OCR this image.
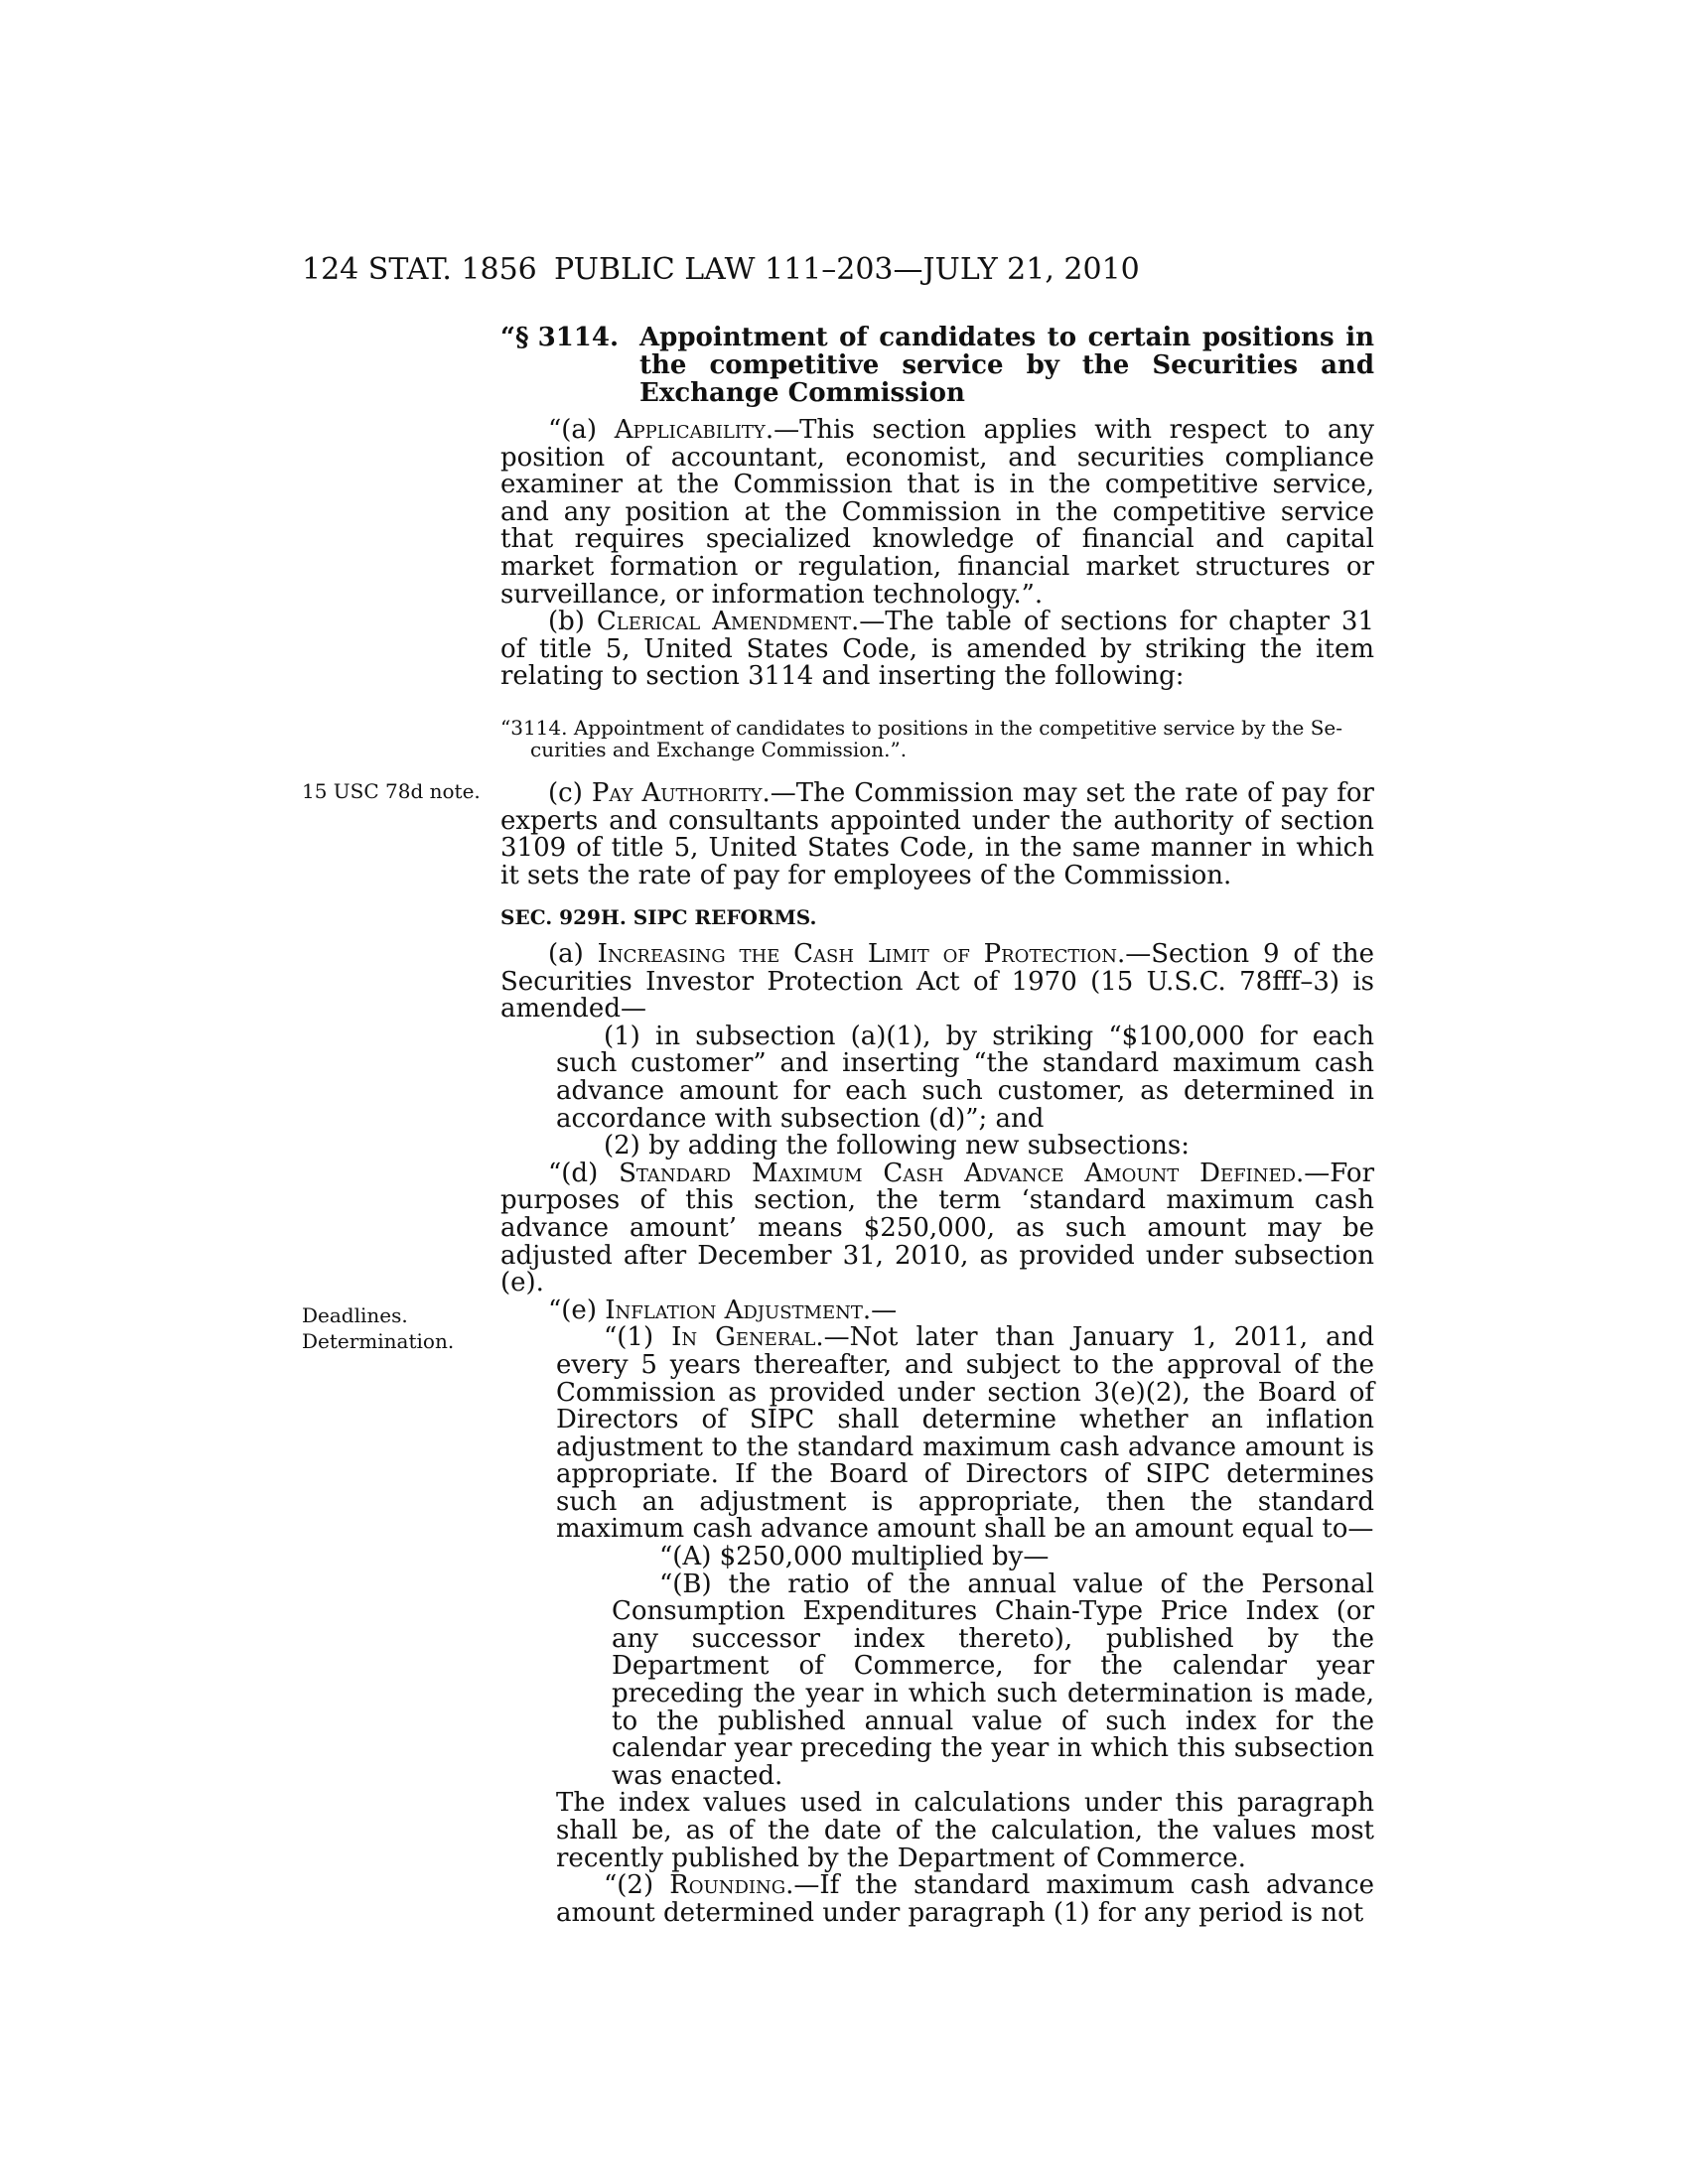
124 STAT. 1856 PUBLIC LAW 111–203—JULY 21, 2010
“§ 3114. Appointment of candidates to certain positions in the competitive service by the Securities and Exchange Commission

“(a) Applicability.—This section applies with respect to any position of accountant, economist, and securities compliance examiner at the Commission that is in the competitive service, and any position at the Commission in the competitive service that requires specialized knowledge of financial and capital market formation or regulation, financial market structures or surveillance, or information technology.”.

(b) Clerical Amendment.—The table of sections for chapter 31 of title 5, United States Code, is amended by striking the item relating to section 3114 and inserting the following:

“3114. Appointment of candidates to positions in the competitive service by the Se-
curities and Exchange Commission.”.
15 USC 78d note.	(c) Pay Authority.—The Commission may set the rate of pay for experts and consultants appointed under the authority of section 3109 of title 5, United States Code, in the same manner in which it sets the rate of pay for employees of the Commission.

SEC. 929H. SIPC REFORMS.
Deadlines.
Determination.

(a) Increasing the Cash Limit of Protection.—Section 9 of the Securities Investor Protection Act of 1970 (15 U.S.C. 78fff–3) is amended—

(1) in subsection (a)(1), by striking “$100,000 for each such customer” and inserting “the standard maximum cash advance amount for each such customer, as determined in accordance with subsection (d)”; and

(2) by adding the following new subsections:

“(d) Standard Maximum Cash Advance Amount Defined.—For purposes of this section, the term ‘standard maximum cash advance amount’ means $250,000, as such amount may be adjusted after December 31, 2010, as provided under subsection (e).

“(e) Inflation Adjustment.—

“(1) In General.—Not later than January 1, 2011, and every 5 years thereafter, and subject to the approval of the Commission as provided under section 3(e)(2), the Board of Directors of SIPC shall determine whether an inflation adjustment to the standard maximum cash advance amount is appropriate. If the Board of Directors of SIPC determines such an adjustment is appropriate, then the standard maximum cash advance amount shall be an amount equal to—

“(A) $250,000 multiplied by—

“(B) the ratio of the annual value of the Personal Consumption Expenditures Chain-Type Price Index (or any successor index thereto), published by the Department of Commerce, for the calendar year preceding the year in which such determination is made, to the published annual value of such index for the calendar year preceding the year in which this subsection was enacted.

The index values used in calculations under this paragraph shall be, as of the date of the calculation, the values most recently published by the Department of Commerce.

“(2) Rounding.—If the standard maximum cash advance amount determined under paragraph (1) for any period is not
